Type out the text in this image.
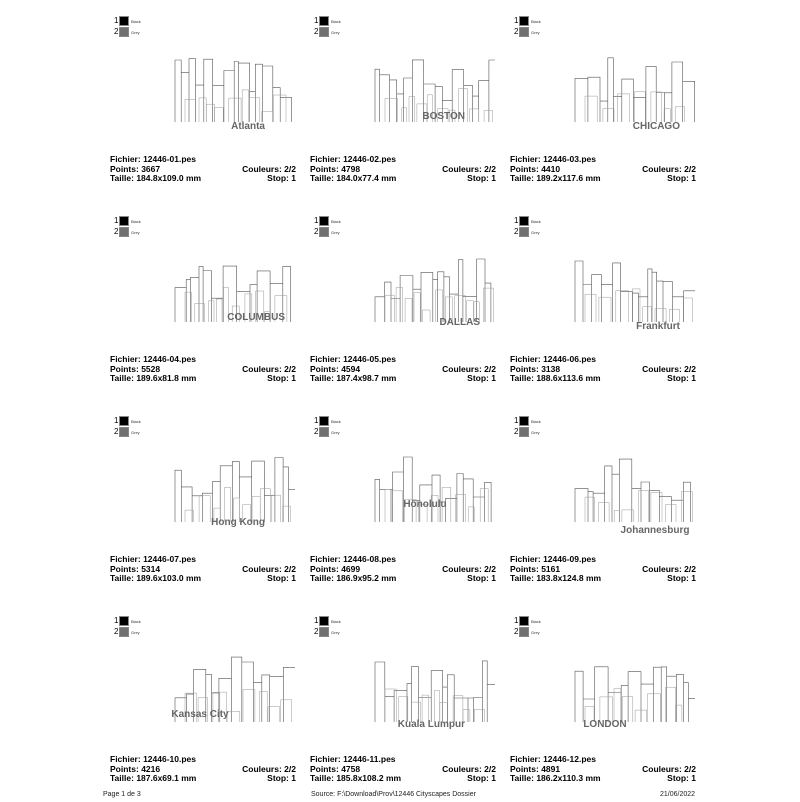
1	Black
2	Grey
Atlanta
Fichier: 12446-01.pes
Points: 3667	Couleurs: 2/2
Taille: 184.8x109.0 mm	Stop: 1
1	Black
2	Grey
BOSTON
Fichier: 12446-02.pes
Points: 4798	Couleurs: 2/2
Taille: 184.0x77.4 mm	Stop: 1
1	Black
2	Grey
CHICAGO
Fichier: 12446-03.pes
Points: 4410	Couleurs: 2/2
Taille: 189.2x117.6 mm	Stop: 1
1	Black
2	Grey
COLUMBUS
Fichier: 12446-04.pes
Points: 5528	Couleurs: 2/2
Taille: 189.6x81.8 mm	Stop: 1
1	Black
2	Grey
DALLAS
Fichier: 12446-05.pes
Points: 4594	Couleurs: 2/2
Taille: 187.4x98.7 mm	Stop: 1
1	Black
2	Grey
Frankfurt
Fichier: 12446-06.pes
Points: 3138	Couleurs: 2/2
Taille: 188.6x113.6 mm	Stop: 1
1	Black
2	Grey
Hong Kong
Fichier: 12446-07.pes
Points: 5314	Couleurs: 2/2
Taille: 189.6x103.0 mm	Stop: 1
1	Black
2	Grey
Honolulu
Fichier: 12446-08.pes
Points: 4699	Couleurs: 2/2
Taille: 186.9x95.2 mm	Stop: 1
1	Black
2	Grey
Johannesburg
Fichier: 12446-09.pes
Points: 5161	Couleurs: 2/2
Taille: 183.8x124.8 mm	Stop: 1
1	Black
2	Grey
Kansas City
Fichier: 12446-10.pes
Points: 4216	Couleurs: 2/2
Taille: 187.6x69.1 mm	Stop: 1
1	Black
2	Grey
Kuala Lumpur
Fichier: 12446-11.pes
Points: 4758	Couleurs: 2/2
Taille: 185.8x108.2 mm	Stop: 1
1	Black
2	Grey
LONDON
Fichier: 12446-12.pes
Points: 4891	Couleurs: 2/2
Taille: 186.2x110.3 mm	Stop: 1
Page 1 de 3	Source: F:\Download\Prov\12446 Cityscapes Dossier	21/06/2022
